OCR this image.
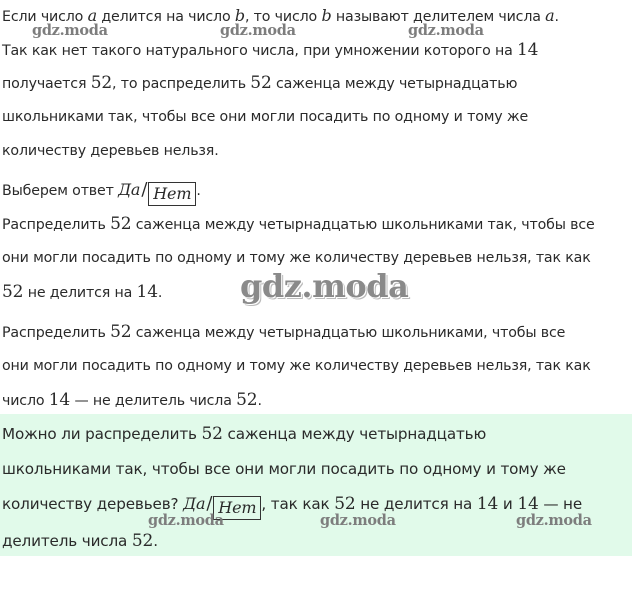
Если число a делится на число b, то число b называют делителем числа a.
Так как нет такого натурального числа, при умножении которого на 14
получается 52, то распределить 52 саженца между четырнадцатью
школьниками так, чтобы все они могли посадить по одному и тому же
количеству деревьев нельзя.
Выберем ответ Да/ Нет .
Распределить 52 саженца между четырнадцатью школьниками так, чтобы все
они могли посадить по одному и тому же количеству деревьев нельзя, так как
52 не делится на 14.
Распределить 52 саженца между четырнадцатью школьниками, чтобы все
они могли посадить по одному и тому же количеству деревьев нельзя, так как
число 14 — не делитель числа 52.
Можно ли распределить 52 саженца между четырнадцатью
школьниками так, чтобы все они могли посадить по одному и тому же
количеству деревьев? Да/ Нет , так как 52 не делится на 14 и 14 — не
делитель числа 52.
gdz.moda	gdz.moda	gdz.moda
gdz.moda
gdz.moda	gdz.moda	gdz.moda
